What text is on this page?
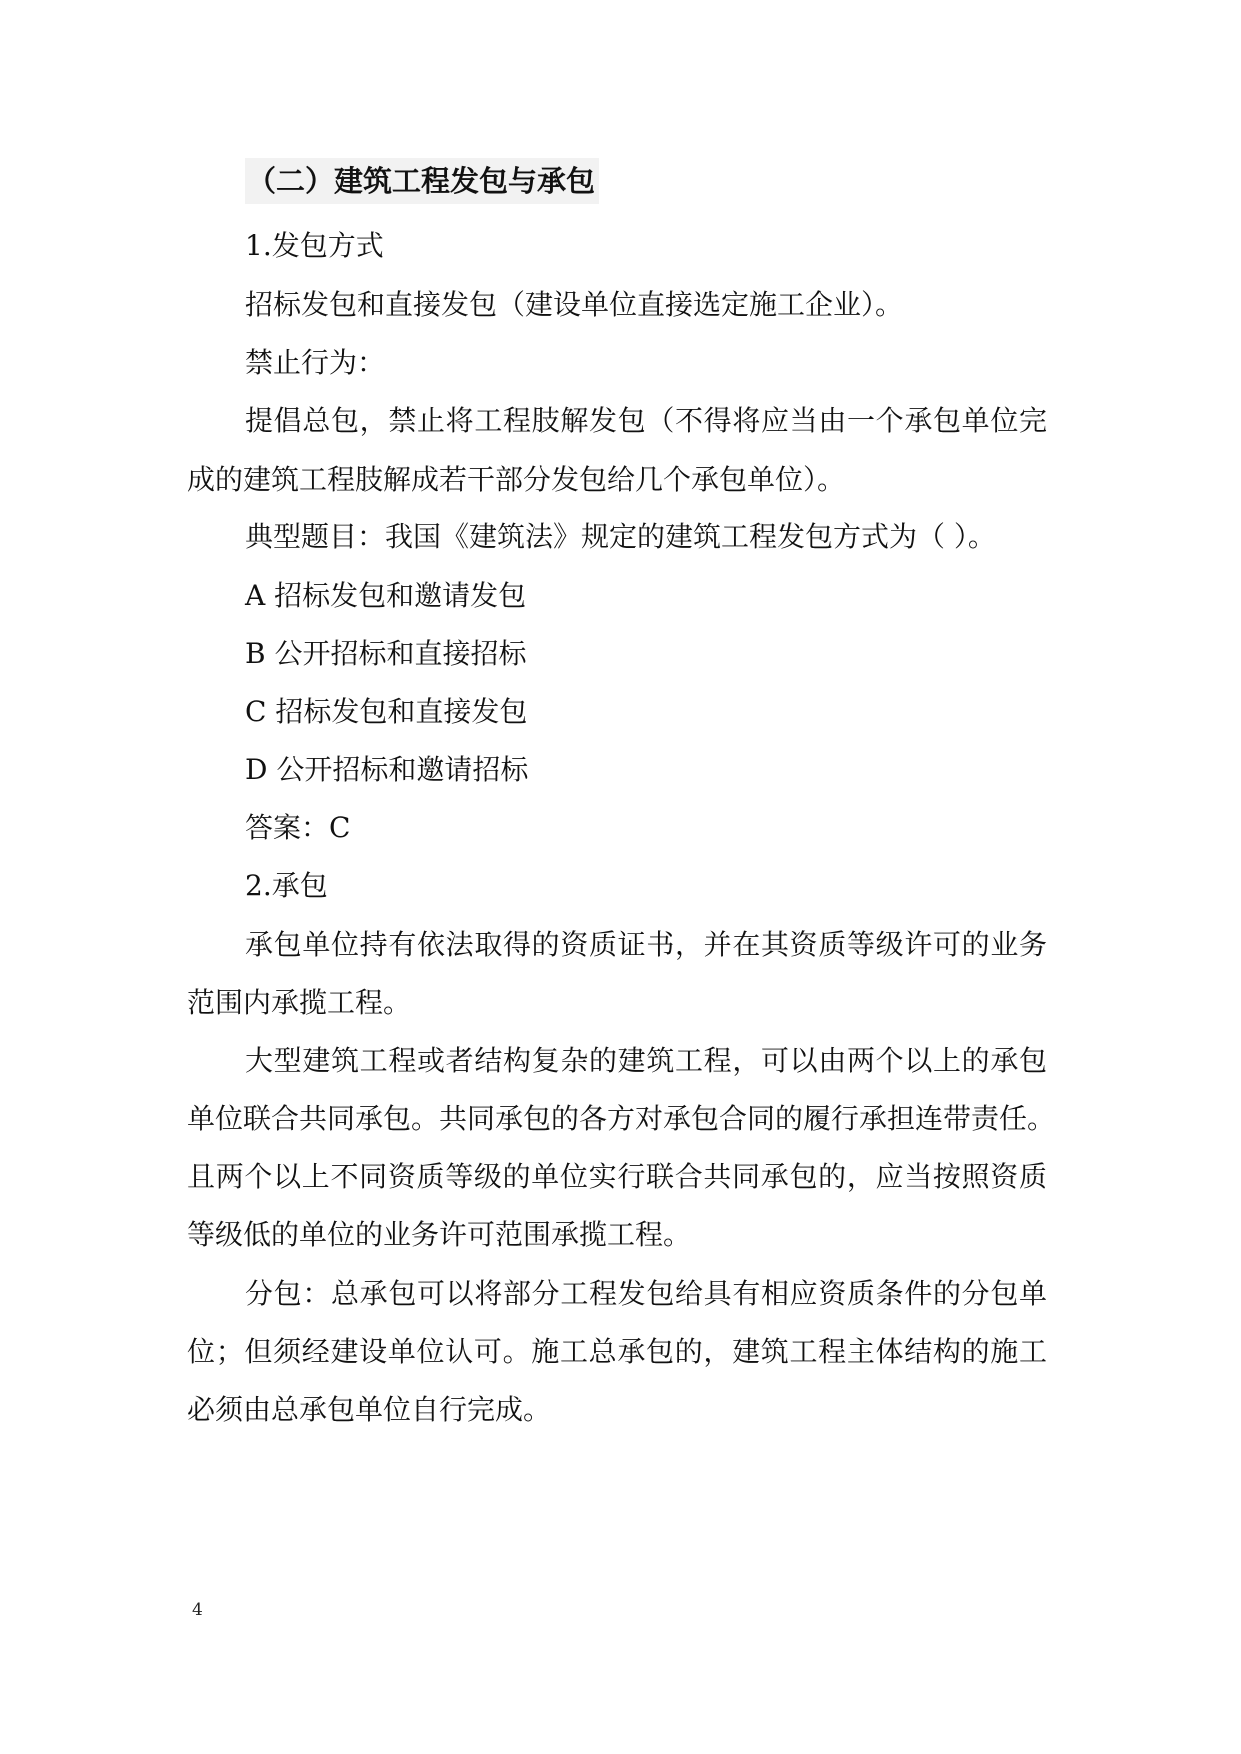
（二）建筑工程发包与承包
1.发包方式
招标发包和直接发包（建设单位直接选定施工企业）。
禁止行为：
提倡总包，禁止将工程肢解发包（不得将应当由一个承包单位完
成的建筑工程肢解成若干部分发包给几个承包单位）。
典型题目：我国《建筑法》规定的建筑工程发包方式为（ ）。
A 招标发包和邀请发包
B 公开招标和直接招标
C 招标发包和直接发包
D 公开招标和邀请招标
答案：C
2.承包
承包单位持有依法取得的资质证书，并在其资质等级许可的业务
范围内承揽工程。
大型建筑工程或者结构复杂的建筑工程，可以由两个以上的承包
单位联合共同承包。共同承包的各方对承包合同的履行承担连带责任。
且两个以上不同资质等级的单位实行联合共同承包的，应当按照资质
等级低的单位的业务许可范围承揽工程。
分包：总承包可以将部分工程发包给具有相应资质条件的分包单
位；但须经建设单位认可。施工总承包的，建筑工程主体结构的施工
必须由总承包单位自行完成。
4
